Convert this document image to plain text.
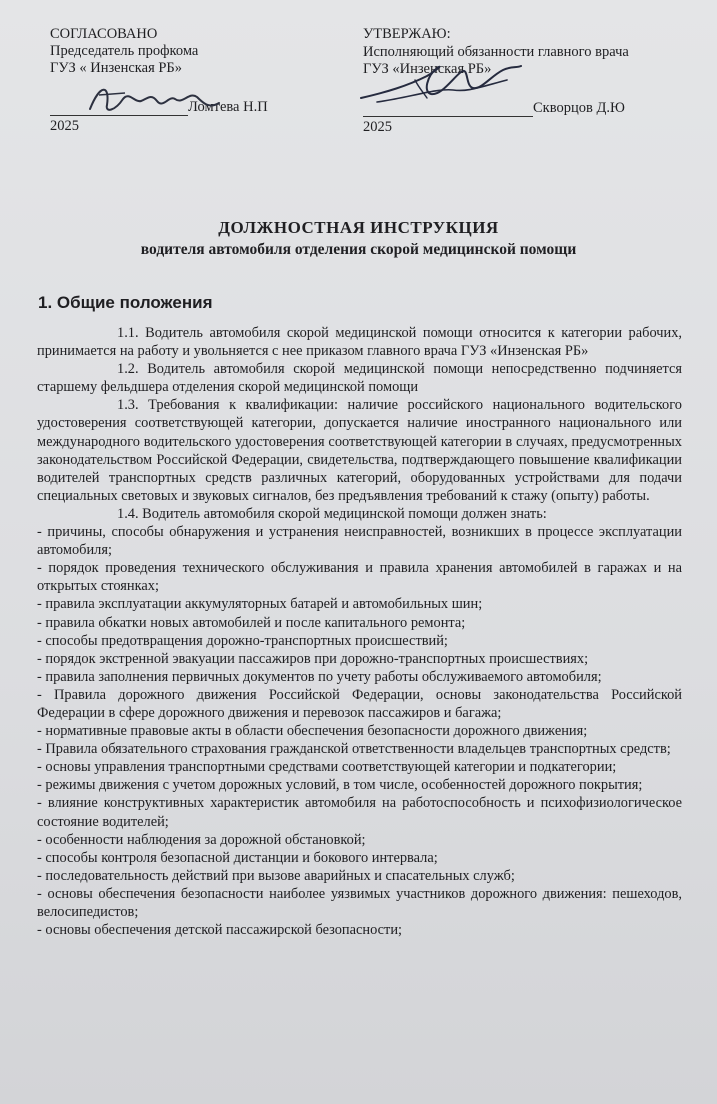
СОГЛАСОВАНО
Председатель профкома
ГУЗ « Инзенская РБ»
Ломтева Н.П
2025
УТВЕРЖАЮ:
Исполняющий обязанности главного врача
ГУЗ «Инзенская РБ»
Скворцов Д.Ю
2025
ДОЛЖНОСТНАЯ ИНСТРУКЦИЯ
водителя автомобиля отделения скорой медицинской помощи
1. Общие положения

1.1. Водитель автомобиля скорой медицинской помощи относится к категории рабочих, принимается на работу и увольняется с нее приказом главного врача ГУЗ «Инзенская РБ»

1.2. Водитель автомобиля скорой медицинской помощи непосредственно подчиняется старшему фельдшера отделения скорой медицинской помощи

1.3. Требования к квалификации: наличие российского национального водительского удостоверения соответствующей категории, допускается наличие иностранного национального или международного водительского удостоверения соответствующей категории в случаях, предусмотренных законодательством Российской Федерации, свидетельства, подтверждающего повышение квалификации водителей транспортных средств различных категорий, оборудованных устройствами для подачи специальных световых и звуковых сигналов, без предъявления требований к стажу (опыту) работы.

1.4. Водитель автомобиля скорой медицинской помощи должен знать:

- причины, способы обнаружения и устранения неисправностей, возникших в процессе эксплуатации автомобиля;

- порядок проведения технического обслуживания и правила хранения автомобилей в гаражах и на открытых стоянках;

- правила эксплуатации аккумуляторных батарей и автомобильных шин;

- правила обкатки новых автомобилей и после капитального ремонта;

- способы предотвращения дорожно-транспортных происшествий;

- порядок экстренной эвакуации пассажиров при дорожно-транспортных происшествиях;

- правила заполнения первичных документов по учету работы обслуживаемого автомобиля;

- Правила дорожного движения Российской Федерации, основы законодательства Российской Федерации в сфере дорожного движения и перевозок пассажиров и багажа;

- нормативные правовые акты в области обеспечения безопасности дорожного движения;

- Правила обязательного страхования гражданской ответственности владельцев транспортных средств;

- основы управления транспортными средствами соответствующей категории и подкатегории;

- режимы движения с учетом дорожных условий, в том числе, особенностей дорожного покрытия;

- влияние конструктивных характеристик автомобиля на работоспособность и психофизиологическое состояние водителей;

- особенности наблюдения за дорожной обстановкой;

- способы контроля безопасной дистанции и бокового интервала;

- последовательность действий при вызове аварийных и спасательных служб;

- основы обеспечения безопасности наиболее уязвимых участников дорожного движения: пешеходов, велосипедистов;

- основы обеспечения детской пассажирской безопасности;
